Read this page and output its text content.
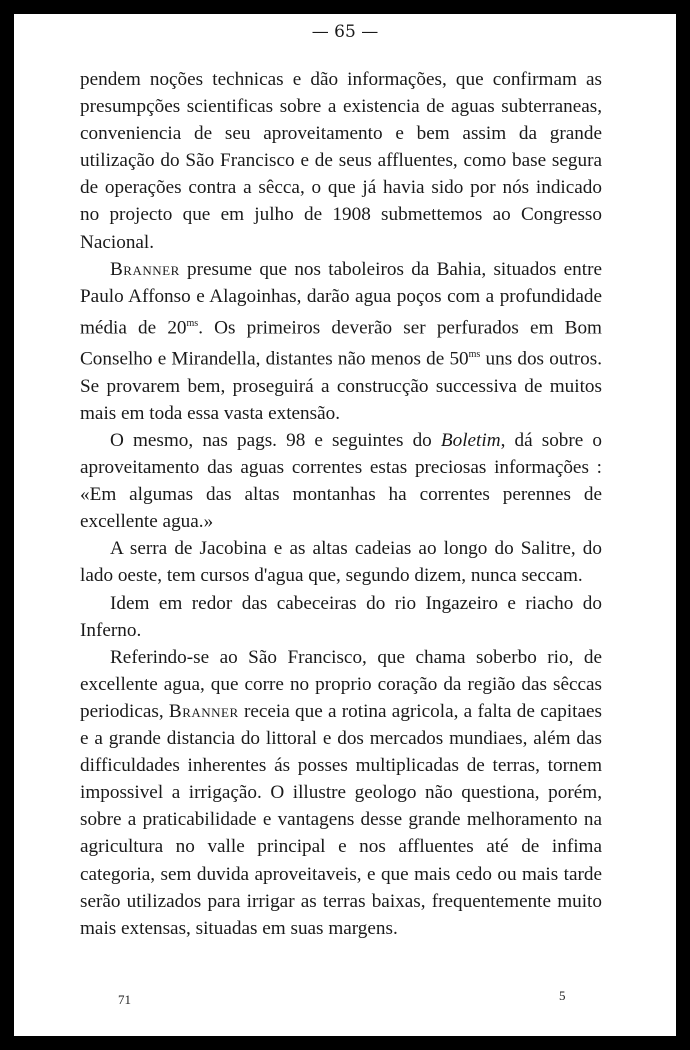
— 65 —

pendem noções technicas e dão informações, que confirmam as presumpções scientificas sobre a existencia de aguas subterraneas, conveniencia de seu aproveitamento e bem assim da grande utilização do São Francisco e de seus affluentes, como base segura de operações contra a sêcca, o que já havia sido por nós indicado no projecto que em julho de 1908 submettemos ao Congresso Nacional.

Branner presume que nos taboleiros da Bahia, situados entre Paulo Affonso e Alagoinhas, darão agua poços com a profundidade média de $20^{ms}$. Os primeiros deverão ser perfurados em Bom Conselho e Mirandella, distantes não menos de $50^{ms}$ uns dos outros. Se provarem bem, proseguirá a construcção successiva de muitos mais em toda essa vasta extensão.

O mesmo, nas pags. 98 e seguintes do Boletim, dá sobre o aproveitamento das aguas correntes estas preciosas informações : «Em algumas das altas montanhas ha correntes perennes de excellente agua.»

A serra de Jacobina e as altas cadeias ao longo do Salitre, do lado oeste, tem cursos d'agua que, segundo dizem, nunca seccam.

Idem em redor das cabeceiras do rio Ingazeiro e riacho do Inferno.

Referindo-se ao São Francisco, que chama soberbo rio, de excellente agua, que corre no proprio coração da região das sêccas periodicas, Branner receia que a rotina agricola, a falta de capitaes e a grande distancia do littoral e dos mercados mundiaes, além das difficuldades inherentes ás posses multiplicadas de terras, tornem impossivel a irrigação. O illustre geologo não questiona, porém, sobre a praticabilidade e vantagens desse grande melhoramento na agricultura no valle principal e nos affluentes até de infima categoria, sem duvida aproveitaveis, e que mais cedo ou mais tarde serão utilizados para irrigar as terras baixas, frequentemente muito mais extensas, situadas em suas margens.

71	5
